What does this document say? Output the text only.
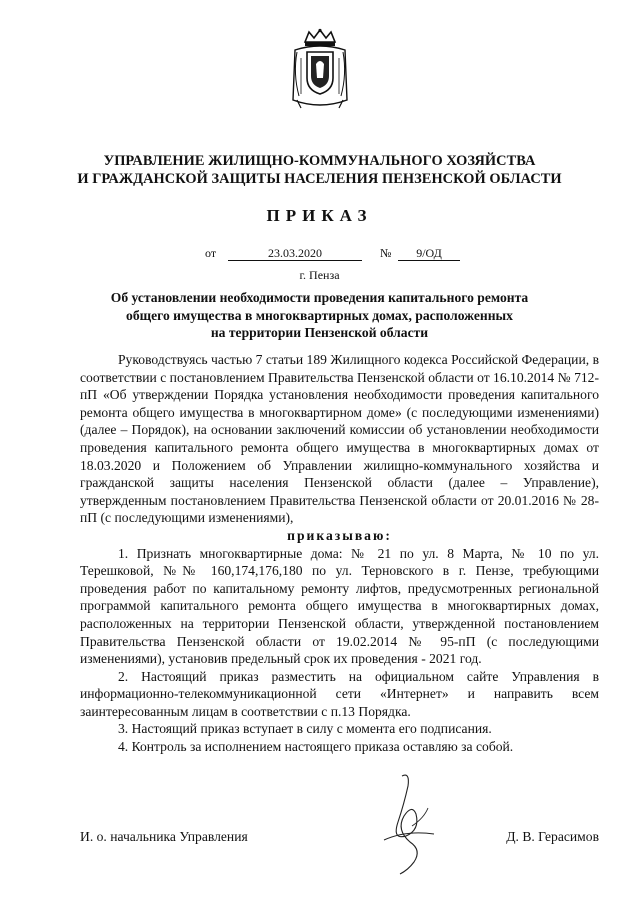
УПРАВЛЕНИЕ ЖИЛИЩНО-КОММУНАЛЬНОГО ХОЗЯЙСТВА
И ГРАЖДАНСКОЙ ЗАЩИТЫ НАСЕЛЕНИЯ ПЕНЗЕНСКОЙ ОБЛАСТИ
ПРИКАЗ
от	23.03.2020	№	9/ОД
г. Пенза
Об установлении необходимости проведения капитального ремонта
общего имущества в многоквартирных домах, расположенных
на территории Пензенской области

Руководствуясь частью 7 статьи 189 Жилищного кодекса Российской Федерации, в соответствии с постановлением Правительства Пензенской области от 16.10.2014 № 712-пП «Об утверждении Порядка установления необходимости проведения капитального ремонта общего имущества в многоквартирном доме» (с последующими изменениями) (далее – Порядок), на основании заключений комиссии об установлении необходимости проведения капитального ремонта общего имущества в многоквартирных домах от 18.03.2020 и Положением об Управлении жилищно-коммунального хозяйства и гражданской защиты населения Пензенской области (далее – Управление), утвержденным постановлением Правительства Пензенской области от 20.01.2016 № 28-пП (с последующими изменениями),

приказываю:

1. Признать многоквартирные дома: № 21 по ул. 8 Марта, № 10 по ул. Терешковой, №№ 160,174,176,180 по ул. Терновского в г. Пензе, требующими проведения работ по капитальному ремонту лифтов, предусмотренных региональной программой капитального ремонта общего имущества в многоквартирных домах, расположенных на территории Пензенской области, утвержденной постановлением Правительства Пензенской области от 19.02.2014 № 95-пП (с последующими изменениями), установив предельный срок их проведения - 2021 год.

2. Настоящий приказ разместить на официальном сайте Управления в информационно-телекоммуникационной сети «Интернет» и направить всем заинтересованным лицам в соответствии с п.13 Порядка.

3. Настоящий приказ вступает в силу с момента его подписания.

4. Контроль за исполнением настоящего приказа оставляю за собой.

И. о. начальника Управления	Д. В. Герасимов
